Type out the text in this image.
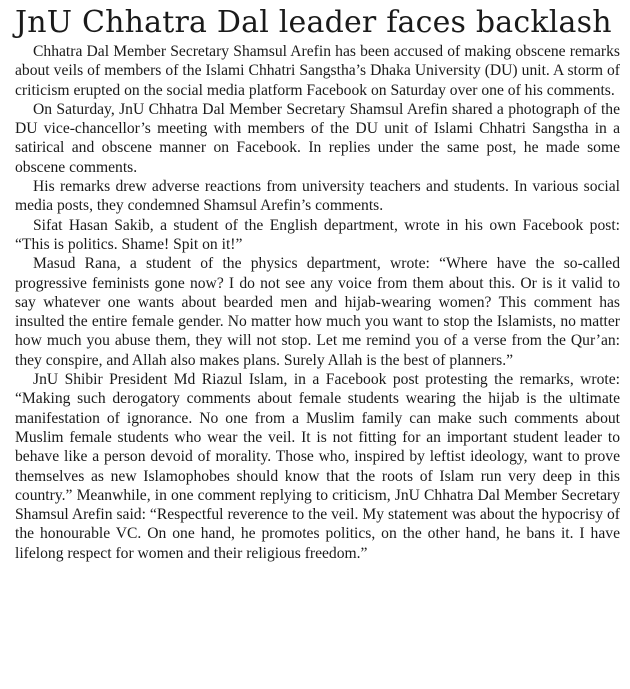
JnU Chhatra Dal leader faces backlash

Chhatra Dal Member Secretary Shamsul Arefin has been accused of making obscene remarks about veils of members of the Islami Chhatri Sangstha’s Dhaka University (DU) unit. A storm of criticism erupted on the social media platform Facebook on Saturday over one of his comments.

On Saturday, JnU Chhatra Dal Member Secretary Shamsul Arefin shared a photograph of the DU vice-chancellor’s meeting with members of the DU unit of Islami Chhatri Sangstha in a satirical and obscene manner on Facebook. In replies under the same post, he made some obscene comments.

His remarks drew adverse reactions from university teachers and students. In various social media posts, they condemned Shamsul Arefin’s comments.

Sifat Hasan Sakib, a student of the English department, wrote in his own Facebook post: “This is politics. Shame! Spit on it!”

Masud Rana, a student of the physics department, wrote: “Where have the so-called progressive feminists gone now? I do not see any voice from them about this. Or is it valid to say whatever one wants about bearded men and hijab-wearing women? This comment has insulted the entire female gender. No matter how much you want to stop the Islamists, no matter how much you abuse them, they will not stop. Let me remind you of a verse from the Qur’an: they conspire, and Allah also makes plans. Surely Allah is the best of planners.”

JnU Shibir President Md Riazul Islam, in a Facebook post protesting the remarks, wrote: “Making such derogatory comments about female students wearing the hijab is the ultimate manifestation of ignorance. No one from a Muslim family can make such comments about Muslim female students who wear the veil. It is not fitting for an important student leader to behave like a person devoid of morality. Those who, inspired by leftist ideology, want to prove themselves as new Islamophobes should know that the roots of Islam run very deep in this country.” Meanwhile, in one comment replying to criticism, JnU Chhatra Dal Member Secretary Shamsul Arefin said: “Respectful reverence to the veil. My statement was about the hypocrisy of the honourable VC. On one hand, he promotes politics, on the other hand, he bans it. I have lifelong respect for women and their religious freedom.”
